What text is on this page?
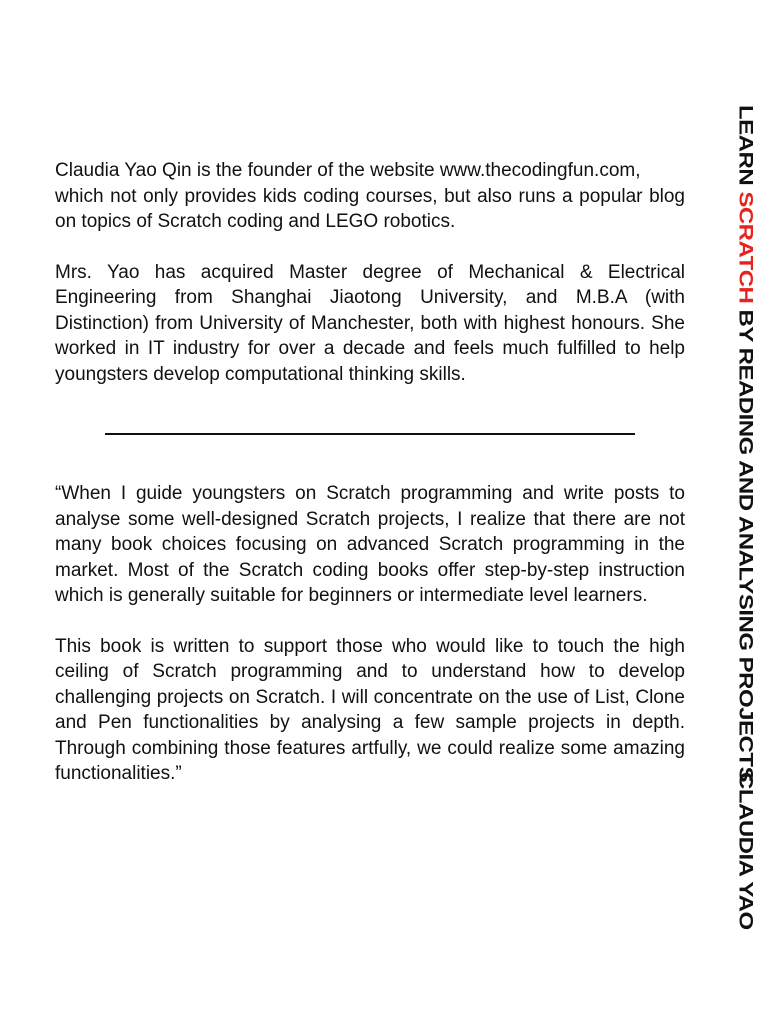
Claudia Yao Qin is the founder of the website www.thecodingfun.com,
which not only provides kids coding courses, but also runs a popular blog on topics of Scratch coding and LEGO robotics.

Mrs. Yao has acquired Master degree of Mechanical & Electrical Engineering from Shanghai Jiaotong University, and M.B.A (with Distinction) from University of Manchester, both with highest honours. She worked in IT industry for over a decade and feels much fulfilled to help youngsters develop computational thinking skills.

“When I guide youngsters on Scratch programming and write posts to analyse some well-designed Scratch projects, I realize that there are not many book choices focusing on advanced Scratch programming in the market. Most of the Scratch coding books offer step-by-step instruction which is generally suitable for beginners or intermediate level learners.

This book is written to support those who would like to touch the high ceiling of Scratch programming and to understand how to develop challenging projects on Scratch. I will concentrate on the use of List, Clone and Pen functionalities by analysing a few sample projects in depth. Through combining those features artfully, we could realize some amazing functionalities.”

LEARN SCRATCH BY READING AND ANALYSING PROJECTS
CLAUDIA YAO
